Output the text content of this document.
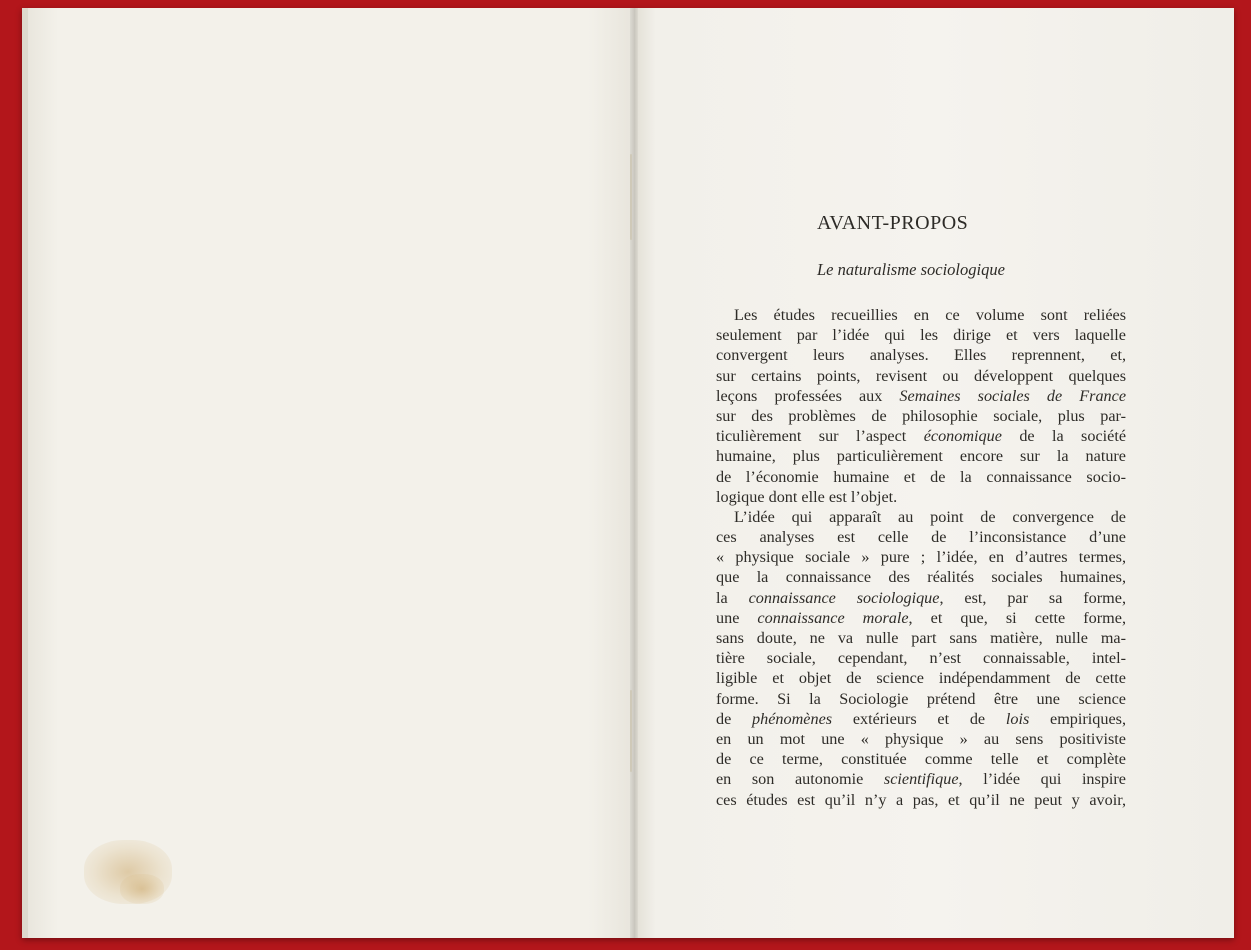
AVANT-PROPOS
Le naturalisme sociologique
Les études recueillies en ce volume sont reliées
seulement par l’idée qui les dirige et vers laquelle
convergent leurs analyses. Elles reprennent, et,
sur certains points, revisent ou développent quelques
leçons professées aux Semaines sociales de France
sur des problèmes de philosophie sociale, plus par-
ticulièrement sur l’aspect économique de la société
humaine, plus particulièrement encore sur la nature
de l’économie humaine et de la connaissance socio-
logique dont elle est l’objet.
L’idée qui apparaît au point de convergence de
ces analyses est celle de l’inconsistance d’une
« physique sociale » pure ; l’idée, en d’autres termes,
que la connaissance des réalités sociales humaines,
la connaissance sociologique, est, par sa forme,
une connaissance morale, et que, si cette forme,
sans doute, ne va nulle part sans matière, nulle ma-
tière sociale, cependant, n’est connaissable, intel-
ligible et objet de science indépendamment de cette
forme. Si la Sociologie prétend être une science
de phénomènes extérieurs et de lois empiriques,
en un mot une « physique » au sens positiviste
de ce terme, constituée comme telle et complète
en son autonomie scientifique, l’idée qui inspire
ces études est qu’il n’y a pas, et qu’il ne peut y avoir,
